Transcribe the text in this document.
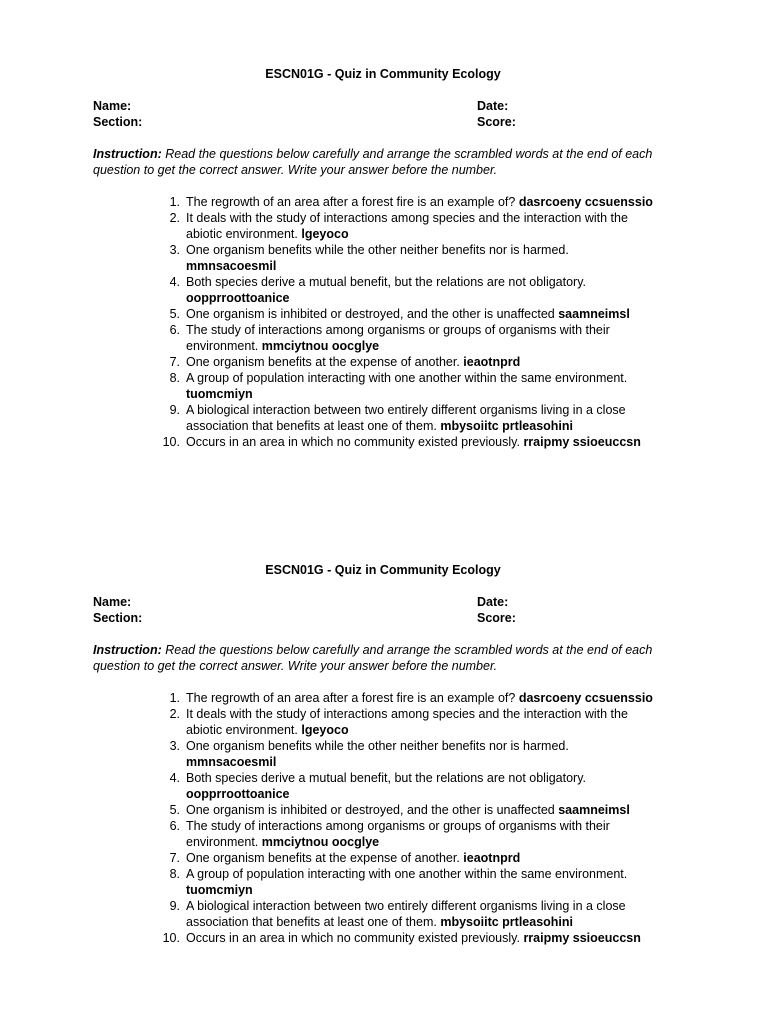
ESCN01G - Quiz in Community Ecology
Name:
Section:
Date:
Score:

Instruction: Read the questions below carefully and arrange the scrambled words at the end of each question to get the correct answer. Write your answer before the number.

1. The regrowth of an area after a forest fire is an example of? dasrcoeny ccsuenssio
2. It deals with the study of interactions among species and the interaction with the abiotic environment. lgeyoco
3. One organism benefits while the other neither benefits nor is harmed.
mmnsacoesmil
4. Both species derive a mutual benefit, but the relations are not obligatory.
oopprroottoanice
5. One organism is inhibited or destroyed, and the other is unaffected saamneimsl
6. The study of interactions among organisms or groups of organisms with their environment. mmciytnou oocglye
7. One organism benefits at the expense of another. ieaotnprd
8. A group of population interacting with one another within the same environment.
tuomcmiyn
9. A biological interaction between two entirely different organisms living in a close association that benefits at least one of them. mbysoiitc prtleasohini
10. Occurs in an area in which no community existed previously. rraipmy ssioeuccsn
ESCN01G - Quiz in Community Ecology
Name:
Section:
Date:
Score:

Instruction: Read the questions below carefully and arrange the scrambled words at the end of each question to get the correct answer. Write your answer before the number.

1. The regrowth of an area after a forest fire is an example of? dasrcoeny ccsuenssio
2. It deals with the study of interactions among species and the interaction with the abiotic environment. lgeyoco
3. One organism benefits while the other neither benefits nor is harmed.
mmnsacoesmil
4. Both species derive a mutual benefit, but the relations are not obligatory.
oopprroottoanice
5. One organism is inhibited or destroyed, and the other is unaffected saamneimsl
6. The study of interactions among organisms or groups of organisms with their environment. mmciytnou oocglye
7. One organism benefits at the expense of another. ieaotnprd
8. A group of population interacting with one another within the same environment.
tuomcmiyn
9. A biological interaction between two entirely different organisms living in a close association that benefits at least one of them. mbysoiitc prtleasohini
10. Occurs in an area in which no community existed previously. rraipmy ssioeuccsn
